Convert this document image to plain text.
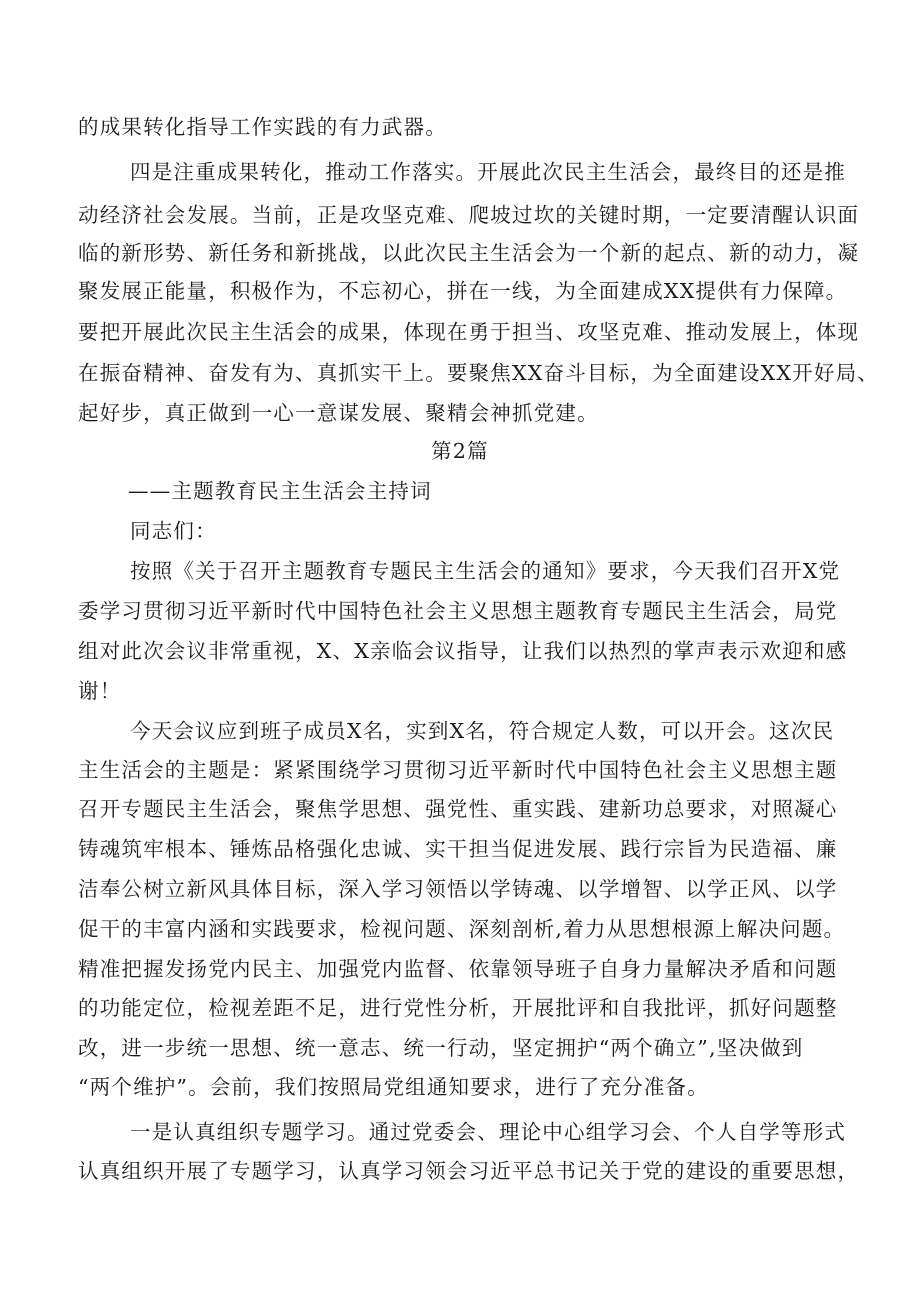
的成果转化指导工作实践的有力武器。
四是注重成果转化，推动工作落实。开展此次民主生活会，最终目的还是推
动经济社会发展。当前，正是攻坚克难、爬坡过坎的关键时期，一定要清醒认识面
临的新形势、新任务和新挑战，以此次民主生活会为一个新的起点、新的动力，凝
聚发展正能量，积极作为，不忘初心，拼在一线，为全面建成XX提供有力保障。
要把开展此次民主生活会的成果，体现在勇于担当、攻坚克难、推动发展上，体现
在振奋精神、奋发有为、真抓实干上。要聚焦XX奋斗目标，为全面建设XX开好局、
起好步，真正做到一心一意谋发展、聚精会神抓党建。
第2篇
——主题教育民主生活会主持词
同志们：
按照《关于召开主题教育专题民主生活会的通知》要求，今天我们召开X党
委学习贯彻习近平新时代中国特色社会主义思想主题教育专题民主生活会，局党
组对此次会议非常重视，X、X亲临会议指导，让我们以热烈的掌声表示欢迎和感
谢！
今天会议应到班子成员X名，实到X名，符合规定人数，可以开会。这次民
主生活会的主题是：紧紧围绕学习贯彻习近平新时代中国特色社会主义思想主题
召开专题民主生活会，聚焦学思想、强党性、重实践、建新功总要求，对照凝心
铸魂筑牢根本、锤炼品格强化忠诚、实干担当促进发展、践行宗旨为民造福、廉
洁奉公树立新风具体目标，深入学习领悟以学铸魂、以学增智、以学正风、以学
促干的丰富内涵和实践要求，检视问题、深刻剖析,着力从思想根源上解决问题。
精准把握发扬党内民主、加强党内监督、依靠领导班子自身力量解决矛盾和问题
的功能定位，检视差距不足，进行党性分析，开展批评和自我批评，抓好问题整
改，进一步统一思想、统一意志、统一行动，坚定拥护“两个确立”,坚决做到
“两个维护”。会前，我们按照局党组通知要求，进行了充分准备。
一是认真组织专题学习。通过党委会、理论中心组学习会、个人自学等形式
认真组织开展了专题学习，认真学习领会习近平总书记关于党的建设的重要思想，
